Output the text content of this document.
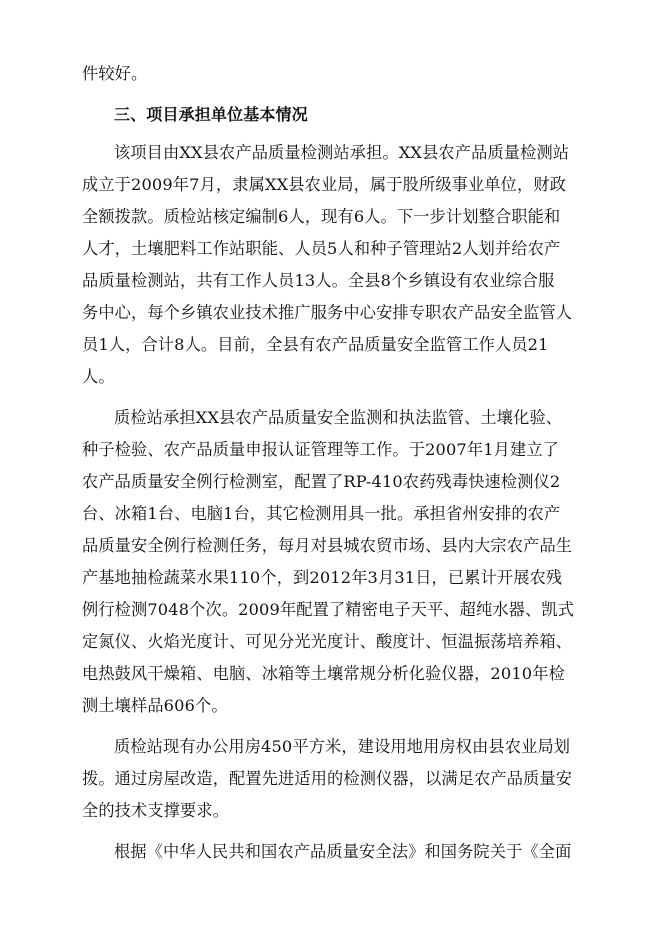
件较好。
三、项目承担单位基本情况
该项目由XX县农产品质量检测站承担。XX县农产品质量检测站
成立于2009年7月，隶属XX县农业局，属于股所级事业单位，财政
全额拨款。质检站核定编制6人，现有6人。下一步计划整合职能和
人才，土壤肥料工作站职能、人员5人和种子管理站2人划并给农产
品质量检测站，共有工作人员13人。全县8个乡镇设有农业综合服
务中心，每个乡镇农业技术推广服务中心安排专职农产品安全监管人
员1人，合计8人。目前，全县有农产品质量安全监管工作人员21
人。
质检站承担XX县农产品质量安全监测和执法监管、土壤化验、
种子检验、农产品质量申报认证管理等工作。于2007年1月建立了
农产品质量安全例行检测室，配置了RP-410农药残毒快速检测仪2
台、冰箱1台、电脑1台，其它检测用具一批。承担省州安排的农产
品质量安全例行检测任务，每月对县城农贸市场、县内大宗农产品生
产基地抽检蔬菜水果110个，到2012年3月31日，已累计开展农残
例行检测7048个次。2009年配置了精密电子天平、超纯水器、凯式
定氮仪、火焰光度计、可见分光光度计、酸度计、恒温振荡培养箱、
电热鼓风干燥箱、电脑、冰箱等土壤常规分析化验仪器，2010年检
测土壤样品606个。
质检站现有办公用房450平方米，建设用地用房权由县农业局划
拨。通过房屋改造，配置先进适用的检测仪器，以满足农产品质量安
全的技术支撑要求。
根据《中华人民共和国农产品质量安全法》和国务院关于《全面
